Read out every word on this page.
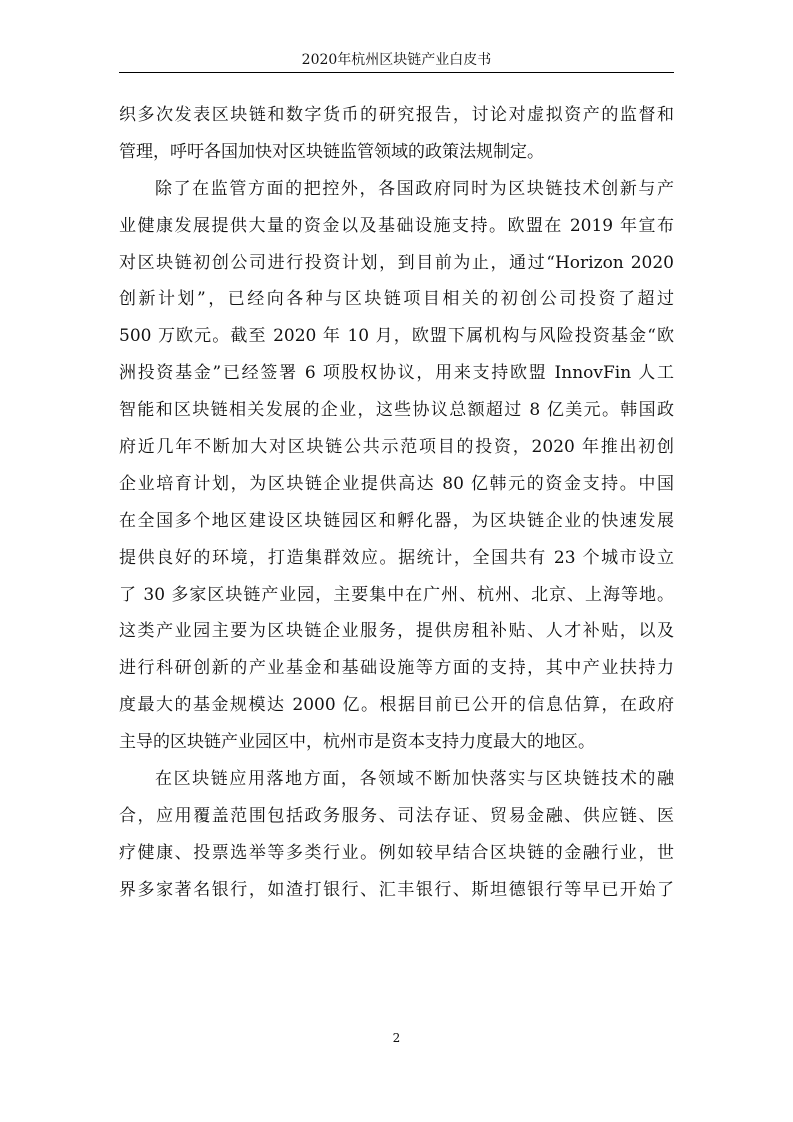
2020年杭州区块链产业白皮书
织多次发表区块链和数字货币的研究报告，讨论对虚拟资产的监督和
管理，呼吁各国加快对区块链监管领域的政策法规制定。
除了在监管方面的把控外，各国政府同时为区块链技术创新与产
业健康发展提供大量的资金以及基础设施支持。欧盟在 2019 年宣布
对区块链初创公司进行投资计划，到目前为止，通过“Horizon 2020
创新计划”，已经向各种与区块链项目相关的初创公司投资了超过
500 万欧元。截至 2020 年 10 月，欧盟下属机构与风险投资基金“欧
洲投资基金”已经签署 6 项股权协议，用来支持欧盟 InnovFin 人工
智能和区块链相关发展的企业，这些协议总额超过 8 亿美元。韩国政
府近几年不断加大对区块链公共示范项目的投资，2020 年推出初创
企业培育计划，为区块链企业提供高达 80 亿韩元的资金支持。中国
在全国多个地区建设区块链园区和孵化器，为区块链企业的快速发展
提供良好的环境，打造集群效应。据统计，全国共有 23 个城市设立
了 30 多家区块链产业园，主要集中在广州、杭州、北京、上海等地。
这类产业园主要为区块链企业服务，提供房租补贴、人才补贴，以及
进行科研创新的产业基金和基础设施等方面的支持，其中产业扶持力
度最大的基金规模达 2000 亿。根据目前已公开的信息估算，在政府
主导的区块链产业园区中，杭州市是资本支持力度最大的地区。
在区块链应用落地方面，各领域不断加快落实与区块链技术的融
合，应用覆盖范围包括政务服务、司法存证、贸易金融、供应链、医
疗健康、投票选举等多类行业。例如较早结合区块链的金融行业，世
界多家著名银行，如渣打银行、汇丰银行、斯坦德银行等早已开始了
2
